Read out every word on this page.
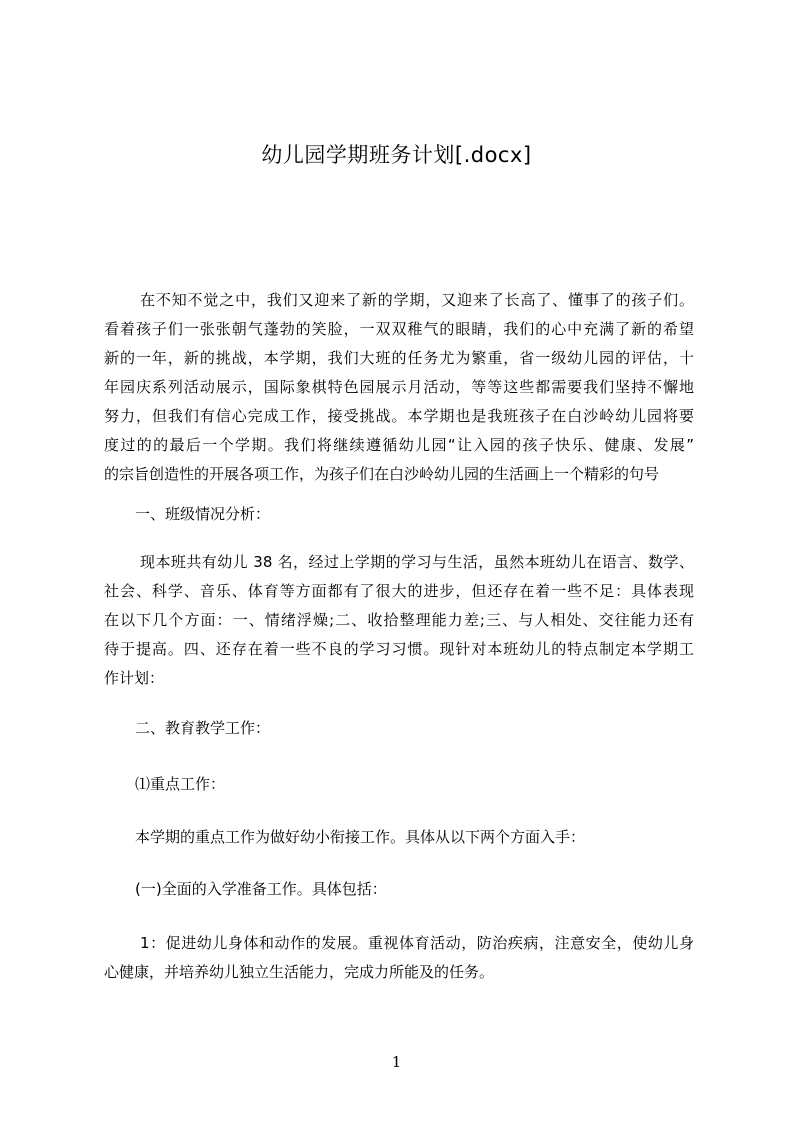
幼儿园学期班务计划[.docx]
在不知不觉之中，我们又迎来了新的学期，又迎来了长高了、懂事了的孩子们。
看着孩子们一张张朝气蓬勃的笑脸，一双双稚气的眼睛，我们的心中充满了新的希望
新的一年，新的挑战，本学期，我们大班的任务尤为繁重，省一级幼儿园的评估，十
年园庆系列活动展示，国际象棋特色园展示月活动，等等这些都需要我们坚持不懈地
努力，但我们有信心完成工作，接受挑战。本学期也是我班孩子在白沙岭幼儿园将要
度过的的最后一个学期。我们将继续遵循幼儿园“让入园的孩子快乐、健康、发展”
的宗旨创造性的开展各项工作，为孩子们在白沙岭幼儿园的生活画上一个精彩的句号
一、班级情况分析：
现本班共有幼儿 38 名，经过上学期的学习与生活，虽然本班幼儿在语言、数学、
社会、科学、音乐、体育等方面都有了很大的进步，但还存在着一些不足：具体表现
在以下几个方面：一、情绪浮燥;二、收拾整理能力差;三、与人相处、交往能力还有
待于提高。四、还存在着一些不良的学习习惯。现针对本班幼儿的特点制定本学期工
作计划：
二、教育教学工作：
⑴重点工作：
本学期的重点工作为做好幼小衔接工作。具体从以下两个方面入手：
(一)全面的入学准备工作。具体包括：
1：促进幼儿身体和动作的发展。重视体育活动，防治疾病，注意安全，使幼儿身
心健康，并培养幼儿独立生活能力，完成力所能及的任务。
1
